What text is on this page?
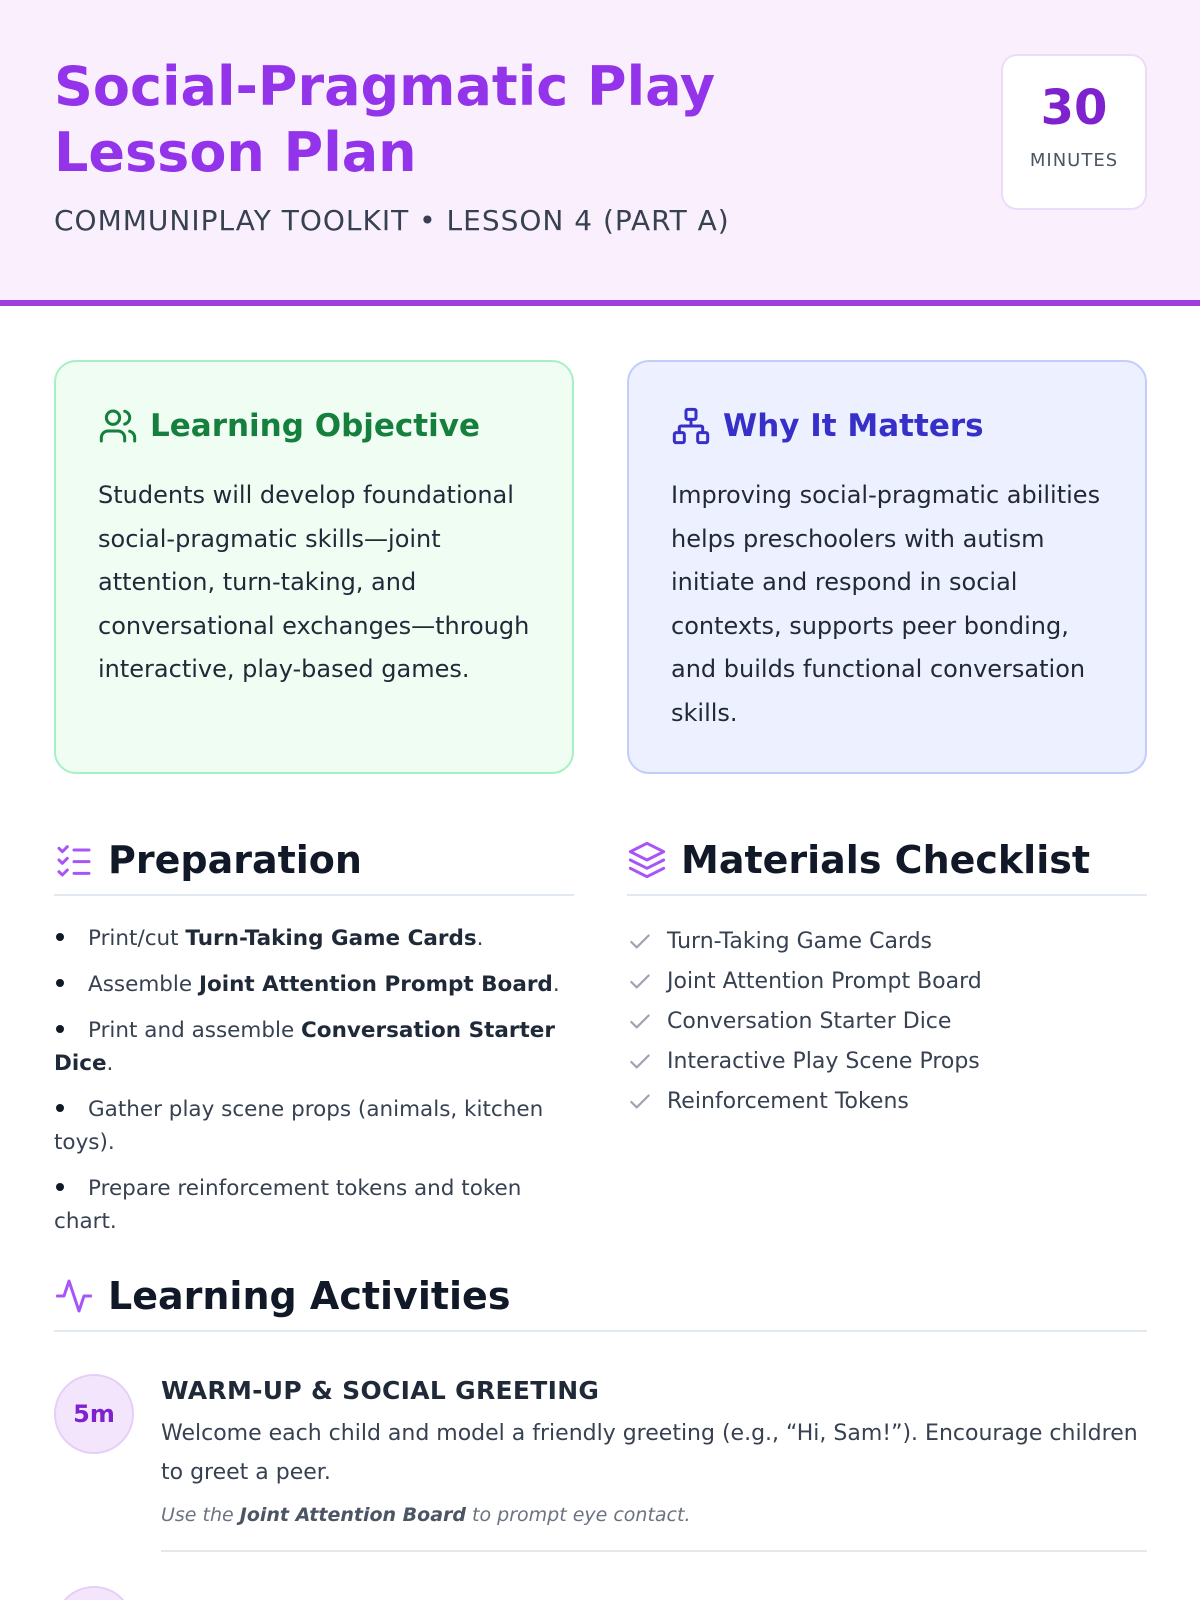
Social-Pragmatic Play Lesson Plan
COMMUNIPLAY TOOLKIT • LESSON 4 (PART A)
30
MINUTES
Learning Objective

Students will develop foundational social-pragmatic skills—joint attention, turn-taking, and conversational exchanges—through interactive, play-based games.

Why It Matters

Improving social-pragmatic abilities helps preschoolers with autism initiate and respond in social contexts, supports peer bonding, and builds functional conversation skills.

Preparation
Print/cut Turn-Taking Game Cards.
Assemble Joint Attention Prompt Board.
Print and assemble Conversation Starter Dice.
Gather play scene props (animals, kitchen toys).
Prepare reinforcement tokens and token chart.
Materials Checklist
Turn-Taking Game Cards
Joint Attention Prompt Board
Conversation Starter Dice
Interactive Play Scene Props
Reinforcement Tokens
Learning Activities
5m
WARM-UP & SOCIAL GREETING
Welcome each child and model a friendly greeting (e.g., “Hi, Sam!”). Encourage children to greet a peer.
Use the Joint Attention Board to prompt eye contact.
